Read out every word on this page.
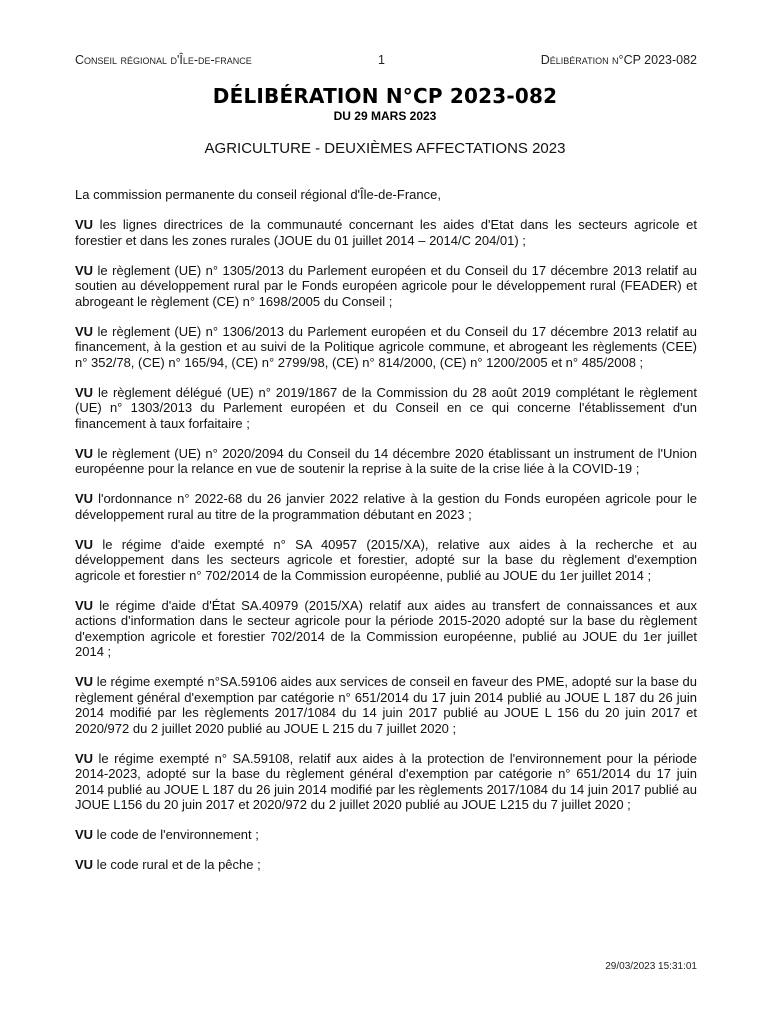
Conseil régional d'Île-de-france	1	Délibération n°CP 2023-082
DÉLIBÉRATION N°CP 2023-082
DU 29 MARS 2023
AGRICULTURE - DEUXIÈMES AFFECTATIONS 2023

La commission permanente du conseil régional d'Île-de-France,

VU les lignes directrices de la communauté concernant les aides d'Etat dans les secteurs agricole et forestier et dans les zones rurales (JOUE du 01 juillet 2014 – 2014/C 204/01) ;

VU le règlement (UE) n° 1305/2013 du Parlement européen et du Conseil du 17 décembre 2013 relatif au soutien au développement rural par le Fonds européen agricole pour le développement rural (FEADER) et abrogeant le règlement (CE) n° 1698/2005 du Conseil ;

VU le règlement (UE) n° 1306/2013 du Parlement européen et du Conseil du 17 décembre 2013 relatif au financement, à la gestion et au suivi de la Politique agricole commune, et abrogeant les règlements (CEE) n° 352/78, (CE) n° 165/94, (CE) n° 2799/98, (CE) n° 814/2000, (CE) n° 1200/2005 et n° 485/2008 ;

VU le règlement délégué (UE) n° 2019/1867 de la Commission du 28 août 2019 complétant le règlement (UE) n° 1303/2013 du Parlement européen et du Conseil en ce qui concerne l'établissement d'un financement à taux forfaitaire ;

VU le règlement (UE) n° 2020/2094 du Conseil du 14 décembre 2020 établissant un instrument de l'Union européenne pour la relance en vue de soutenir la reprise à la suite de la crise liée à la COVID-19 ;

VU l'ordonnance n° 2022-68 du 26 janvier 2022 relative à la gestion du Fonds européen agricole pour le développement rural au titre de la programmation débutant en 2023 ;

VU le régime d'aide exempté n° SA 40957 (2015/XA), relative aux aides à la recherche et au développement dans les secteurs agricole et forestier, adopté sur la base du règlement d'exemption agricole et forestier n° 702/2014 de la Commission européenne, publié au JOUE du 1er juillet 2014 ;

VU le régime d'aide d'État SA.40979 (2015/XA) relatif aux aides au transfert de connaissances et aux actions d'information dans le secteur agricole pour la période 2015-2020 adopté sur la base du règlement d'exemption agricole et forestier 702/2014 de la Commission européenne, publié au JOUE du 1er juillet 2014 ;

VU le régime exempté n°SA.59106 aides aux services de conseil en faveur des PME, adopté sur la base du règlement général d'exemption par catégorie n° 651/2014 du 17 juin 2014 publié au JOUE L 187 du 26 juin 2014 modifié par les règlements 2017/1084 du 14 juin 2017 publié au JOUE L 156 du 20 juin 2017 et 2020/972 du 2 juillet 2020 publié au JOUE L 215 du 7 juillet 2020 ;

VU le régime exempté n° SA.59108, relatif aux aides à la protection de l'environnement pour la période 2014-2023, adopté sur la base du règlement général d'exemption par catégorie n° 651/2014 du 17 juin 2014 publié au JOUE L 187 du 26 juin 2014 modifié par les règlements 2017/1084 du 14 juin 2017 publié au JOUE L156 du 20 juin 2017 et 2020/972 du 2 juillet 2020 publié au JOUE L215 du 7 juillet 2020 ;

VU le code de l'environnement ;

VU le code rural et de la pêche ;

29/03/2023 15:31:01
